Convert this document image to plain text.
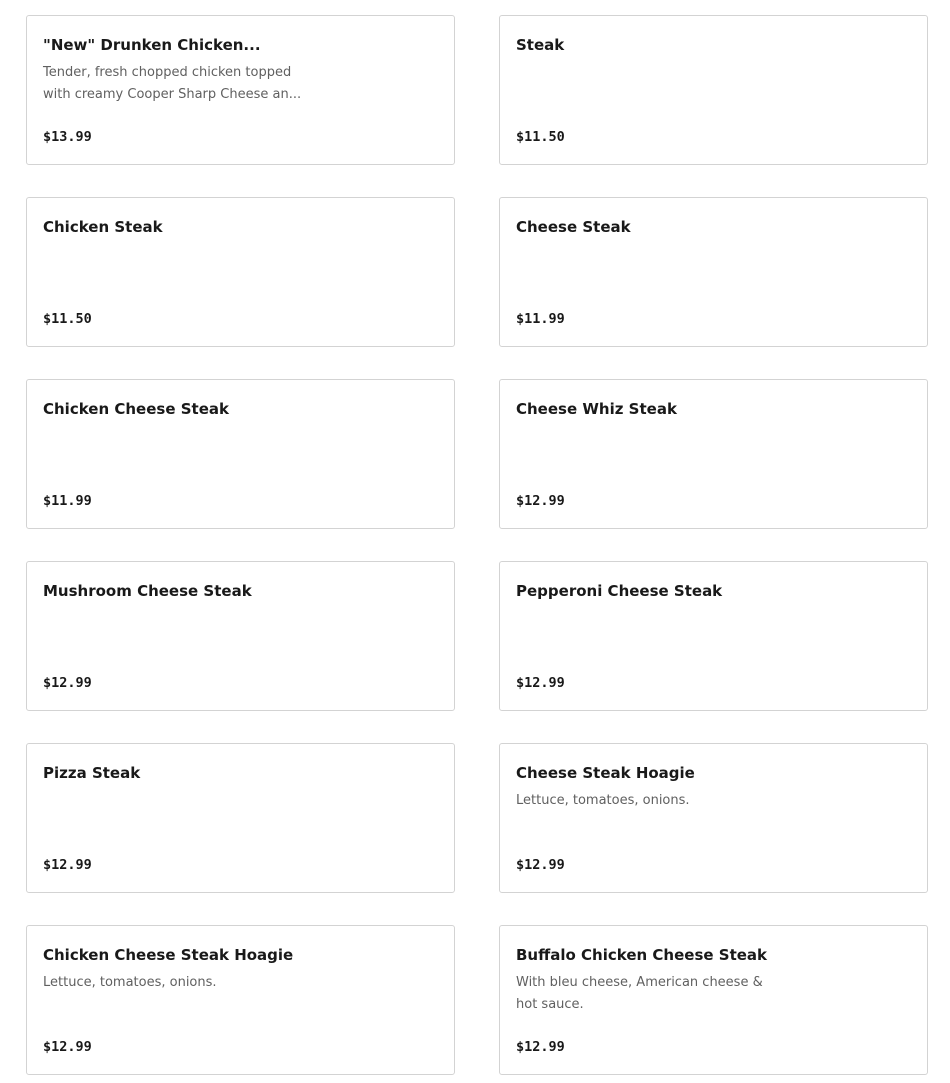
"New" Drunken Chicken...
Tender, fresh chopped chicken topped with creamy Cooper Sharp Cheese an...
$13.99
Steak
$11.50
Chicken Steak
$11.50
Cheese Steak
$11.99
Chicken Cheese Steak
$11.99
Cheese Whiz Steak
$12.99
Mushroom Cheese Steak
$12.99
Pepperoni Cheese Steak
$12.99
Pizza Steak
$12.99
Cheese Steak Hoagie
Lettuce, tomatoes, onions.
$12.99
Chicken Cheese Steak Hoagie
Lettuce, tomatoes, onions.
$12.99
Buffalo Chicken Cheese Steak
With bleu cheese, American cheese & hot sauce.
$12.99
